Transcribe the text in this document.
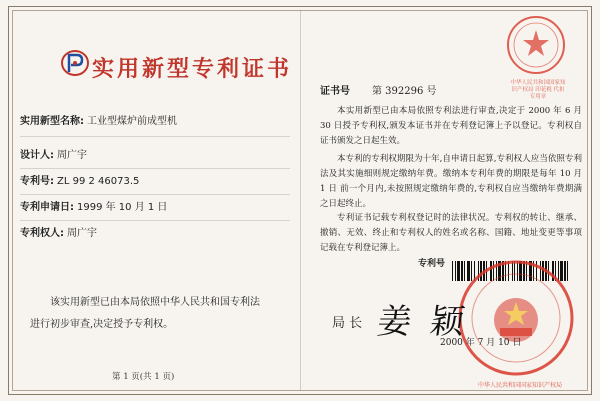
实用新型专利证书
实用新型名称: 工业型煤炉前成型机
设计人: 周广宇
专利号: ZL 99 2 46073.5
专利申请日: 1999 年 10 月 1 日
专利权人: 周广宇
该实用新型已由本局依照中华人民共和国专利法
进行初步审查,决定授予专利权。
第 1 页(共 1 页)
中华人民共和国国家知识产权局 印花税 代扣专用章
证书号 第 392296 号
本实用新型已由本局依照专利法进行审查,决定于 2000 年 6 月 30 日授予专利权,颁发本证书并在专利登记簿上予以登记。专利权自证书颁发之日起生效。
本专利的专利权期限为十年,自申请日起算,专利权人应当依照专利法及其实施细则规定缴纳年费。缴纳本专利年费的期限是每年 10 月 1 日 前一个月内,未按照规定缴纳年费的,专利权自应当缴纳年费期满之日起终止。
专利证书记载专利权登记时的法律状况。专利权的转让、继承、撤销、无效、终止和专利权人的姓名或名称、国籍、地址变更等事项记载在专利登记簿上。
专利号
中华人民共和国国家知识产权局
局 长 姜 颖
2000 年 7 月 10 日
